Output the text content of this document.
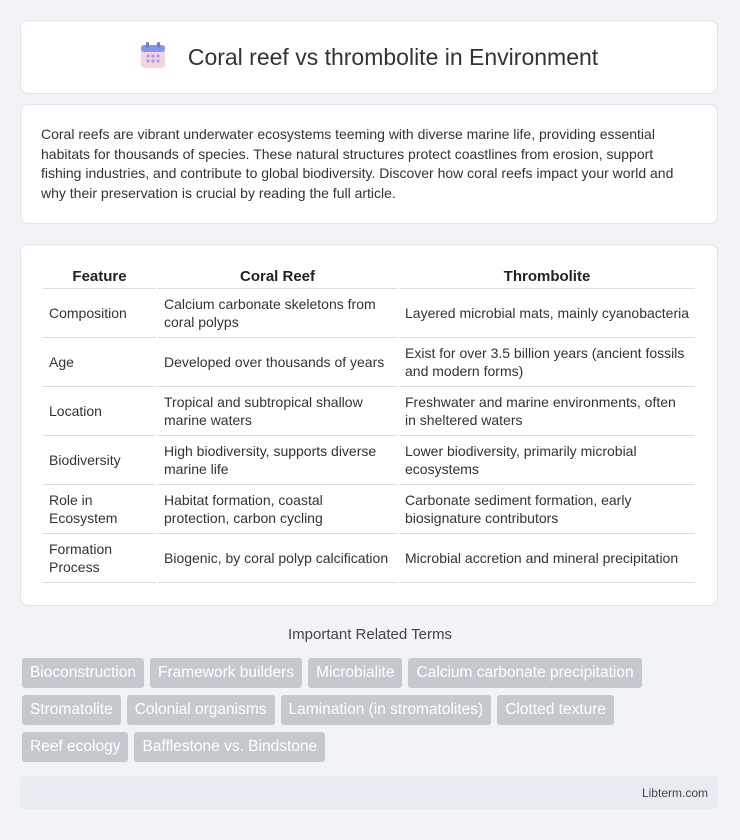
Coral reef vs thrombolite in Environment

Coral reefs are vibrant underwater ecosystems teeming with diverse marine life, providing essential habitats for thousands of species. These natural structures protect coastlines from erosion, support fishing industries, and contribute to global biodiversity. Discover how coral reefs impact your world and why their preservation is crucial by reading the full article.

Feature	Coral Reef	Thrombolite
Composition	Calcium carbonate skeletons from coral polyps	Layered microbial mats, mainly cyanobacteria
Age	Developed over thousands of years	Exist for over 3.5 billion years (ancient fossils and modern forms)
Location	Tropical and subtropical shallow marine waters	Freshwater and marine environments, often in sheltered waters
Biodiversity	High biodiversity, supports diverse marine life	Lower biodiversity, primarily microbial ecosystems
Role in Ecosystem	Habitat formation, coastal protection, carbon cycling	Carbonate sediment formation, early biosignature contributors
Formation Process	Biogenic, by coral polyp calcification	Microbial accretion and mineral precipitation
Important Related Terms
Bioconstruction	Framework builders	Microbialite	Calcium carbonate precipitation
Stromatolite	Colonial organisms	Lamination (in stromatolites)	Clotted texture
Reef ecology	Bafflestone vs. Bindstone
Libterm.com
